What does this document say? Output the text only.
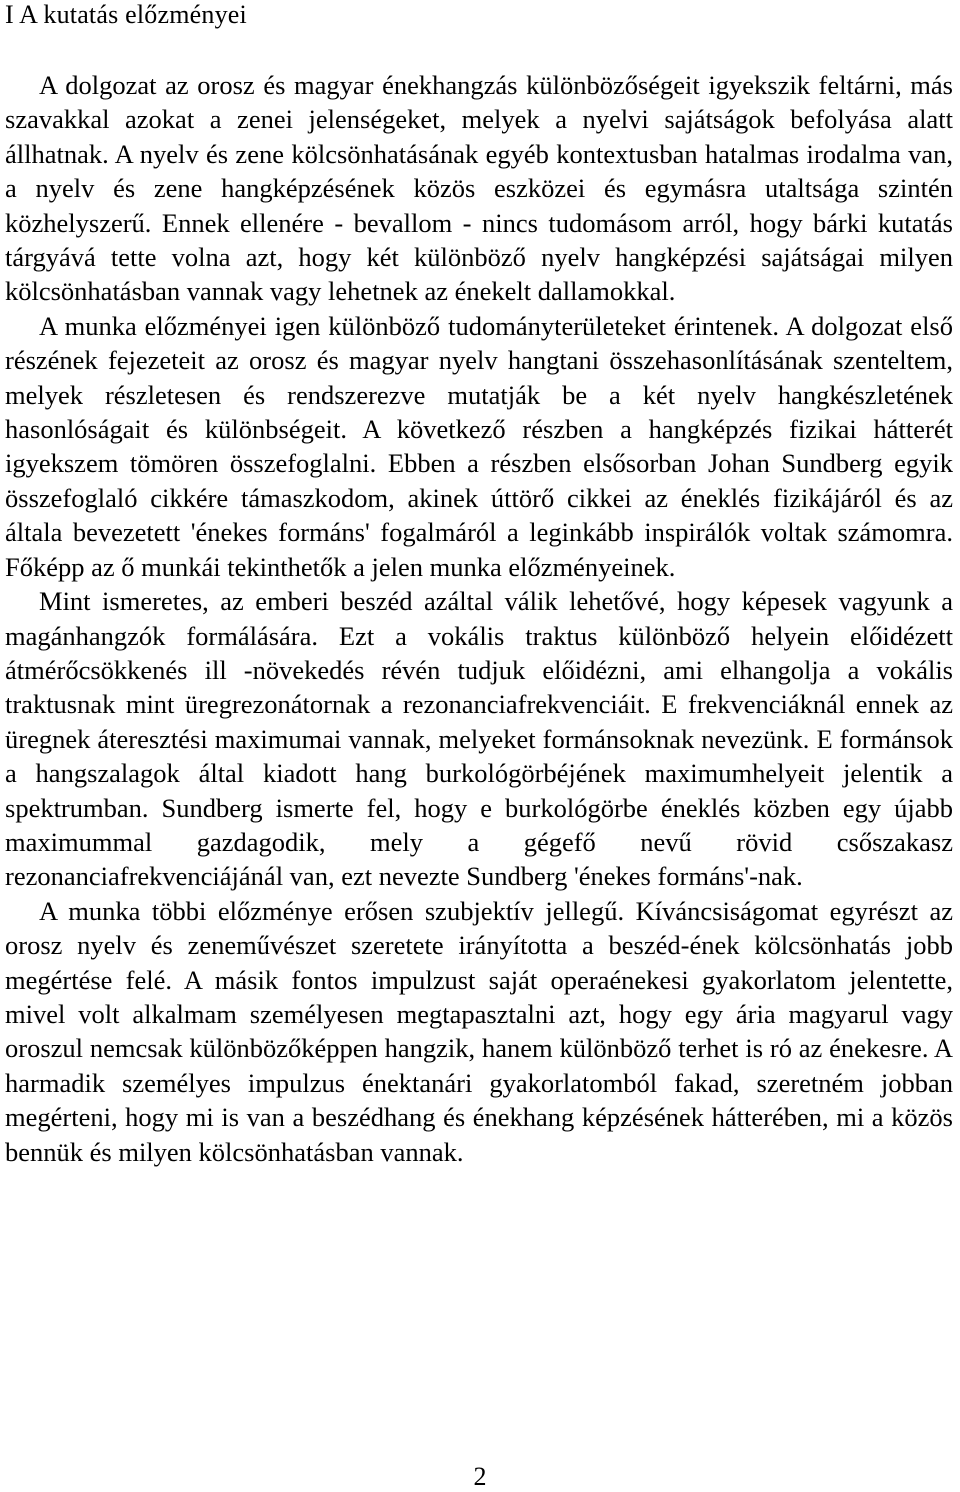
I A kutatás előzményei

A dolgozat az orosz és magyar énekhangzás különbözőségeit igyekszik feltárni, más szavakkal azokat a zenei jelenségeket, melyek a nyelvi sajátságok befolyása alatt állhatnak. A nyelv és zene kölcsönhatásának egyéb kontextusban hatalmas irodalma van, a nyelv és zene hangképzésének közös eszközei és egymásra utaltsága szintén közhelyszerű. Ennek ellenére - bevallom - nincs tudomásom arról, hogy bárki kutatás tárgyává tette volna azt, hogy két különböző nyelv hangképzési sajátságai milyen kölcsönhatásban vannak vagy lehetnek az énekelt dallamokkal.

A munka előzményei igen különböző tudományterületeket érintenek. A dolgozat első részének fejezeteit az orosz és magyar nyelv hangtani összehasonlításának szenteltem, melyek részletesen és rendszerezve mutatják be a két nyelv hangkészletének hasonlóságait és különbségeit. A következő részben a hangképzés fizikai hátterét igyekszem tömören összefoglalni. Ebben a részben elsősorban Johan Sundberg egyik összefoglaló cikkére támaszkodom, akinek úttörő cikkei az éneklés fizikájáról és az általa bevezetett 'énekes formáns' fogalmáról a leginkább inspirálók voltak számomra. Főképp az ő munkái tekinthetők a jelen munka előzményeinek.

Mint ismeretes, az emberi beszéd azáltal válik lehetővé, hogy képesek vagyunk a magánhangzók formálására. Ezt a vokális traktus különböző helyein előidézett átmérőcsökkenés ill -növekedés révén tudjuk előidézni, ami elhangolja a vokális traktusnak mint üregrezonátornak a rezonanciafrekvenciáit. E frekvenciáknál ennek az üregnek áteresztési maximumai vannak, melyeket formánsoknak nevezünk. E formánsok a hangszalagok által kiadott hang burkológörbéjének maximumhelyeit jelentik a spektrumban. Sundberg ismerte fel, hogy e burkológörbe éneklés közben egy újabb maximummal gazdagodik, mely a gégefő nevű rövid csőszakasz rezonanciafrekvenciájánál van, ezt nevezte Sundberg 'énekes formáns'-nak.

A munka többi előzménye erősen szubjektív jellegű. Kíváncsiságomat egyrészt az orosz nyelv és zeneművészet szeretete irányította a beszéd-ének kölcsönhatás jobb megértése felé. A másik fontos impulzust saját operaénekesi gyakorlatom jelentette, mivel volt alkalmam személyesen megtapasztalni azt, hogy egy ária magyarul vagy oroszul nemcsak különbözőképpen hangzik, hanem különböző terhet is ró az énekesre. A harmadik személyes impulzus énektanári gyakorlatomból fakad, szeretném jobban megérteni, hogy mi is van a beszédhang és énekhang képzésének hátterében, mi a közös bennük és milyen kölcsönhatásban vannak.

2
